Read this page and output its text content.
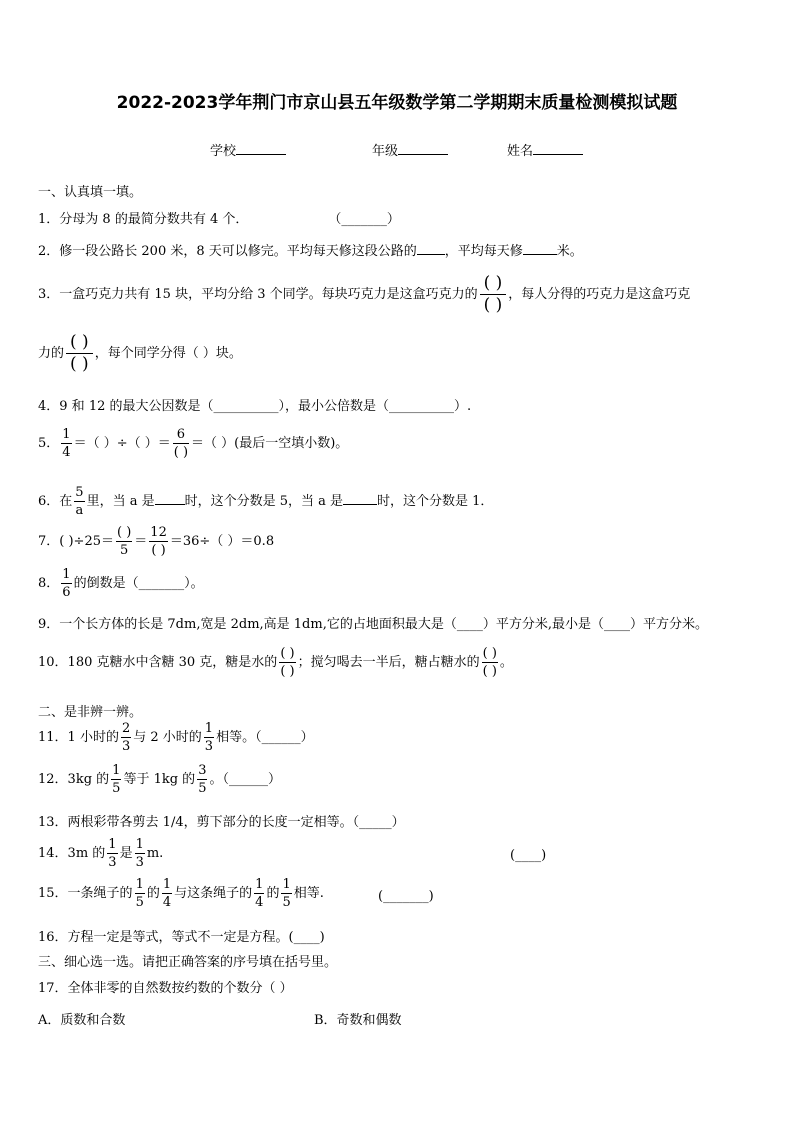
2022-2023学年荆门市京山县五年级数学第二学期期末质量检测模拟试题
学校	年级	姓名
一、认真填一填。
1．分母为 8 的最简分数共有 4 个．	（_______）
2．修一段公路长 200 米，8 天可以修完。平均每天修这段公路的 ，平均每天修	米。
3．一盒巧克力共有 15 块，平均分给 3 个同学。每块巧克力是这盒巧克力的 $\frac{( )}{( )}$ ，每人分得的巧克力是这盒巧克
力的 $\frac{( )}{( )}$ ，每个同学分得（ ）块。
4．9 和 12 的最大公因数是（__________），最小公倍数是（__________）.
5． $\frac{1}{4}$ ＝（ ）÷（ ）＝ $\frac{6}{( )}$ ＝（ ）(最后一空填小数)。
6．在 $\frac{5}{a}$ 里，当 a 是 时，这个分数是 5，当 a 是	时，这个分数是 1．
7．( )$\div 25= \frac{( )}{5} = \frac{12}{( )} =36\div$（ ）＝0.8
8． $\frac{1}{6}$ 的倒数是（_______）。
9．一个长方体的长是 7dm,宽是 2dm,高是 1dm,它的占地面积最大是（____）平方分米,最小是（____）平方分米。
10．180 克糖水中含糖 30 克，糖是水的 $\frac{( )}{( )}$ ；搅匀喝去一半后，糖占糖水的 $\frac{( )}{( )}$ 。
二、是非辨一辨。
11．1 小时的 $\frac{2}{3}$ 与 2 小时的 $\frac{1}{3}$ 相等。（______）
12．3kg 的 $\frac{1}{5}$ 等于 1kg 的 $\frac{3}{5}$ 。（______）
13．两根彩带各剪去 1/4，剪下部分的长度一定相等。（_____）
14．3m 的 $\frac{1}{3}$ 是 $\frac{1}{3} m$.	(____)
15．一条绳子的 $\frac{1}{5}$ 的 $\frac{1}{4}$ 与这条绳子的 $\frac{1}{4}$ 的 $\frac{1}{5}$ 相等.	(_______)
16．方程一定是等式，等式不一定是方程。(____)
三、细心选一选。请把正确答案的序号填在括号里。
17．全体非零的自然数按约数的个数分（ ）
A．质数和合数	B．奇数和偶数
